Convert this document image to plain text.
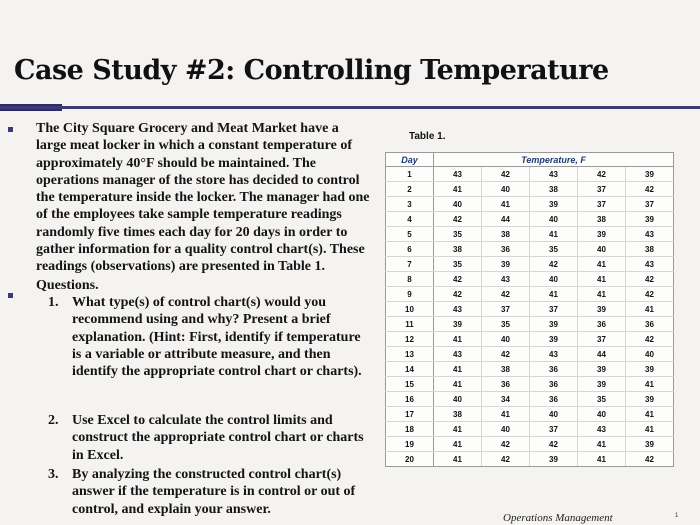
Case Study #2: Controlling Temperature
The City Square Grocery and Meat Market have a large meat locker in which a constant temperature of approximately 40°F should be maintained. The operations manager of the store has decided to control the temperature inside the locker. The manager had one of the employees take sample temperature readings randomly five times each day for 20 days in order to gather information for a quality control chart(s). These readings (observations) are presented in Table 1.
Questions.
1. What type(s) of control chart(s) would you recommend using and why? Present a brief explanation. (Hint: First, identify if temperature is a variable or attribute measure, and then identify the appropriate control chart or charts).
2. Use Excel to calculate the control limits and construct the appropriate control chart or charts in Excel.
3. By analyzing the constructed control chart(s) answer if the temperature is in control or out of control, and explain your answer.
Table 1.
Day	Temperature, F				
1	43	42	43	42	39
2	41	40	38	37	42
3	40	41	39	37	37
4	42	44	40	38	39
5	35	38	41	39	43
6	38	36	35	40	38
7	35	39	42	41	43
8	42	43	40	41	42
9	42	42	41	41	42
10	43	37	37	39	41
11	39	35	39	36	36
12	41	40	39	37	42
13	43	42	43	44	40
14	41	38	36	39	39
15	41	36	36	39	41
16	40	34	36	35	39
17	38	41	40	40	41
18	41	40	37	43	41
19	41	42	42	41	39
20	41	42	39	41	42
Operations Management	1
